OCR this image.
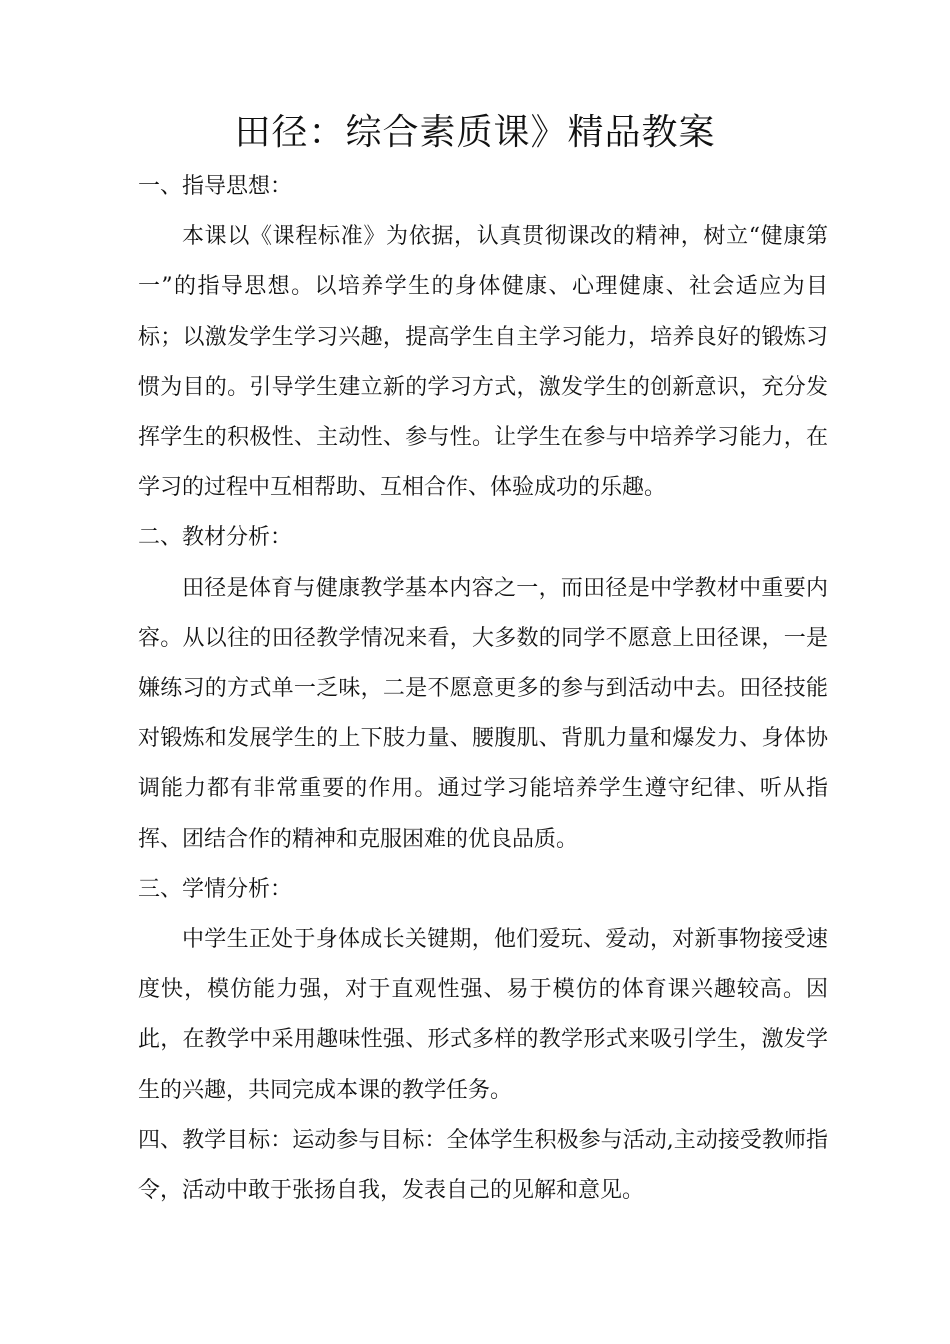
田径：综合素质课》精品教案

一、指导思想：

本课以《课程标准》为依据，认真贯彻课改的精神，树立“健康第一”的指导思想。以培养学生的身体健康、心理健康、社会适应为目标；以激发学生学习兴趣，提高学生自主学习能力，培养良好的锻炼习惯为目的。引导学生建立新的学习方式，激发学生的创新意识，充分发挥学生的积极性、主动性、参与性。让学生在参与中培养学习能力，在学习的过程中互相帮助、互相合作、体验成功的乐趣。

二、教材分析：

田径是体育与健康教学基本内容之一，而田径是中学教材中重要内容。从以往的田径教学情况来看，大多数的同学不愿意上田径课，一是嫌练习的方式单一乏味，二是不愿意更多的参与到活动中去。田径技能对锻炼和发展学生的上下肢力量、腰腹肌、背肌力量和爆发力、身体协调能力都有非常重要的作用。通过学习能培养学生遵守纪律、听从指挥、团结合作的精神和克服困难的优良品质。

三、学情分析：

中学生正处于身体成长关键期，他们爱玩、爱动，对新事物接受速度快，模仿能力强，对于直观性强、易于模仿的体育课兴趣较高。因此，在教学中采用趣味性强、形式多样的教学形式来吸引学生，激发学生的兴趣，共同完成本课的教学任务。

四、教学目标：运动参与目标：全体学生积极参与活动,主动接受教师指令，活动中敢于张扬自我，发表自己的见解和意见。
